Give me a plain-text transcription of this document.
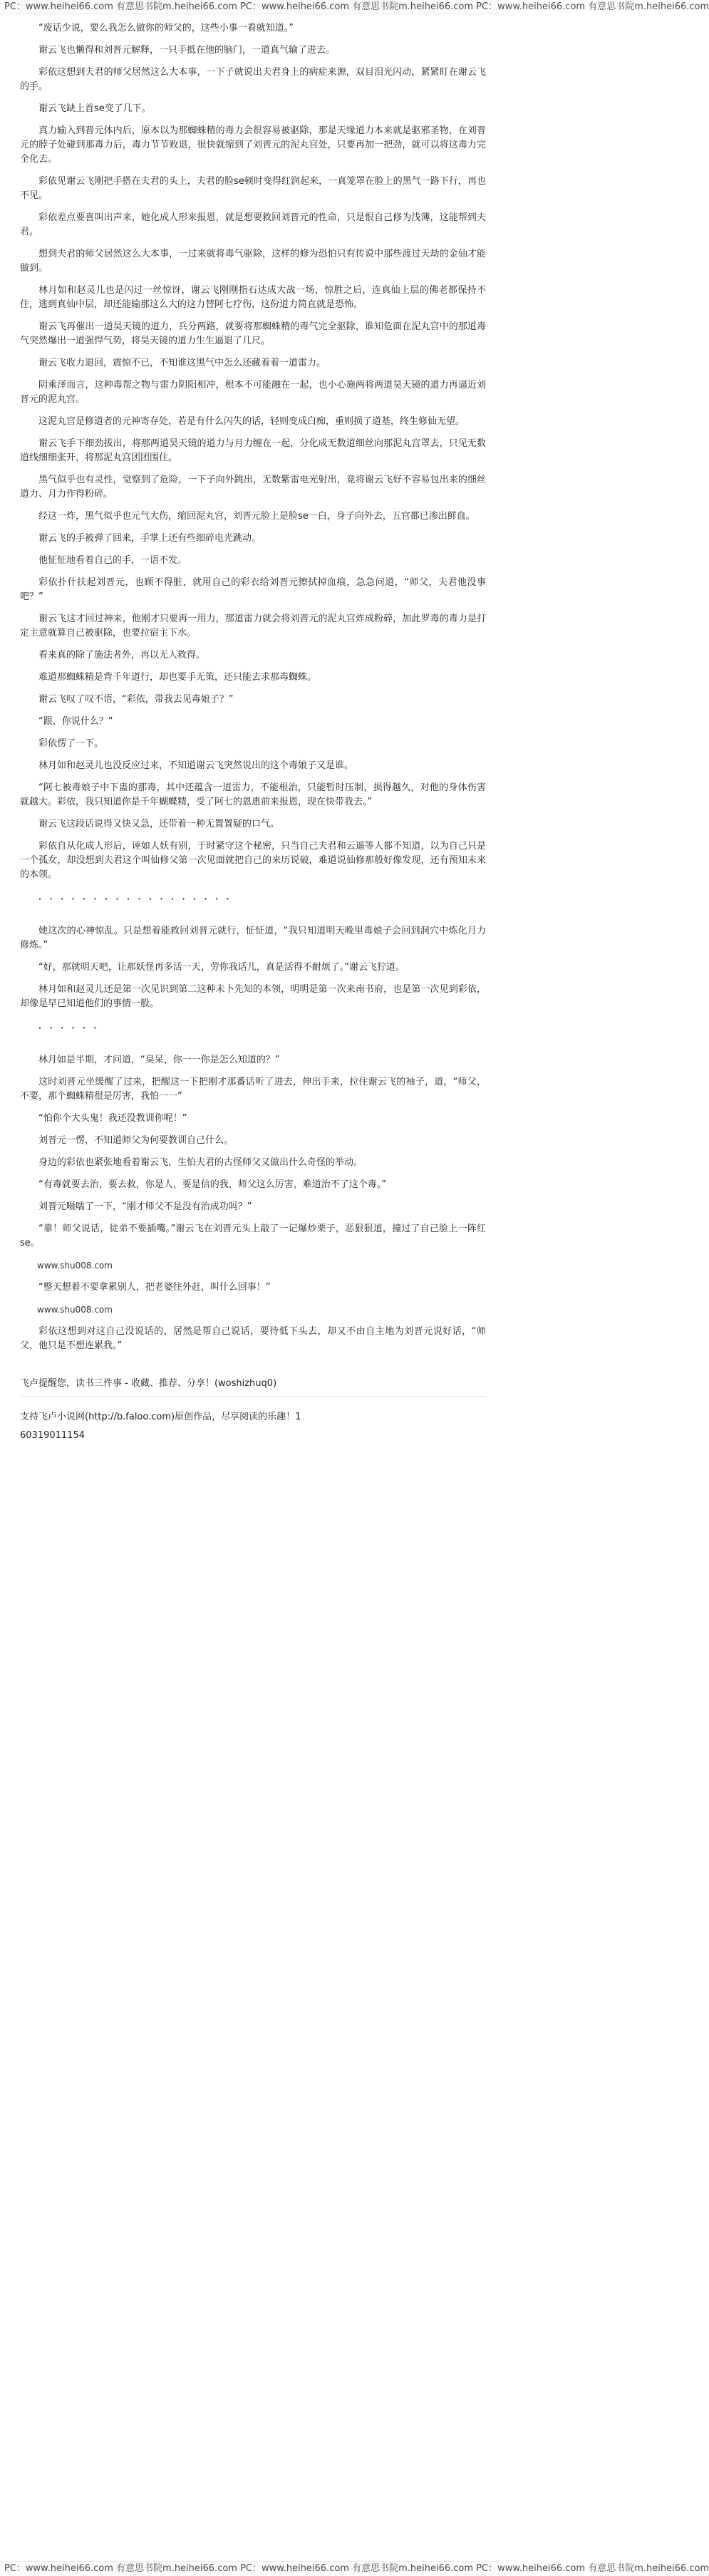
PC：www.heihei66.com 有意思书院m.heihei66.com PC：www.heihei66.com 有意思书院m.heihei66.com PC：www.heihei66.com 有意思书院m.heihei66.com

“废话少说，要么我怎么做你的师父的，这些小事一看就知道。”

谢云飞也懒得和刘晋元解释，一只手抵在他的脑门，一道真气输了进去。

彩依这想到夫君的师父居然这么大本事，一下子就说出夫君身上的病症来源，双目泪光闪动，紧紧盯在谢云飞的手。

谢云飞缺上首se变了几下。

真力输入到晋元体内后，原本以为那蜘蛛精的毒力会很容易被驱除，那是天缘道力本来就是驱邪圣物，在刘晋元的脖子处碰到那毒力后，毒力节节败退，很快就缩到了刘晋元的泥丸宫处，只要再加一把劲，就可以将这毒力完全化去。

彩依见谢云飞刚把手搭在夫君的头上，夫君的脸se顿时变得红润起来，一真笼罩在脸上的黑气一路下行，再也不见。

彩依差点要喜叫出声来，她化成人形来报恩，就是想要救回刘晋元的性命，只是恨自己修为浅薄，这能帮到夫君。

想到夫君的师父居然这么大本事，一过来就将毒气驱除，这样的修为恐怕只有传说中那些渡过天劫的金仙才能做到。

林月如和赵灵儿也是闪过一丝惊讶，谢云飞刚刚指石达成大战一场，惊胜之后，连真仙上层的佛老都保持不住，逃到真仙中层，却还能输那这么大的这力替阿七疗伤，这份道力简直就是恐怖。

谢云飞再催出一道昊天镜的道力，兵分两路，就要将那蜘蛛精的毒气完全驱除，谁知危面在泥丸宫中的那道毒气突然爆出一道强悍气势，将昊天镜的道力生生逼退了几尺。

谢云飞收力退回，震惊不已，不知谁这黑气中怎么还藏着着一道雷力。

阴乘泽而言，这种毒帮之物与雷力阴阳相冲，根本不可能融在一起，也小心施两将两道昊天镜的道力再逼近刘晋元的泥丸宫。

这泥丸宫是修道者的元神寄存处，若是有什么闪失的话，轻则变成白痴，重则损了道基，终生修仙无望。

谢云飞手下细劲拔出，将那两道昊天镜的道力与月力缠在一起，分化成无数道细丝向那泥丸宫罩去，只见无数道线细细张开，将那泥丸宫团团围住。

黑气似乎也有灵性，觉察到了危险，一下子向外跳出，无数紫雷电光射出，竟将谢云飞好不容易包出来的细丝道力、月力作得粉碎。

经这一炸，黑气似乎也元气大伤，缩回泥丸宫，刘晋元脸上是脸se一白，身子向外去，五官都已渗出鲜血。

谢云飞的手被弹了回来，手掌上还有些细碎电光跳动。

他怔怔地看着自己的手，一语不发。

彩依扑什扶起刘晋元，也顾不得脏，就用自己的彩衣给刘晋元擦拭掉血痕，急急问道，“师父，夫君他没事吧？”

谢云飞这才回过神来，他刚才只要再一用力，那道雷力就会将刘晋元的泥丸宫炸成粉碎，加此罗毒的毒力是打定主意就算自己被驱除，也要拉宿主下水。

看来真的除了施法者外，再以无人救得。

难道那蜘蛛精是背千年道行，却也要手无策，还只能去求那毒蜘蛛。

谢云飞叹了叹不语，“彩依，带我去见毒娘子？”

“跟，你说什么？”

彩依愣了一下。

林月如和赵灵儿也没反应过来，不知道谢云飞突然说出的这个毒娘子又是谁。

“阿七被毒娘子中下蛊的那毒，其中还蕴含一道雷力，不能根治，只能暂时压制，损得越久，对他的身体伤害就越大。彩依，我只知道你是千年蝴蝶精，受了阿七的恩惠前来报恩，现在快带我去。”

谢云飞这段话说得又快又急，还带着一种无置置疑的口气。

彩依自从化成人形后，诬如人妖有别，于时紧守这个秘密，只当自己夫君和云遥等人都不知道，以为自己只是一个孤女，却没想到夫君这个叫仙修父第一次见面就把自己的来历说破，难道说仙修那般好像发现，还有预知未来的本领。

．．．．．．．．．．．．．．．．．．

她这次的心神惊乱。只是想着能救回刘晋元就行，怔怔道，“我只知道明天晚里毒娘子会回到洞穴中炼化月力修炼。”

“好，那就明天吧，让那妖怪再多活一天，劳你我话儿，真是活得不耐烦了。”谢云飞狞道。

林月如和赵灵儿还是第一次见识到第二这种未卜先知的本领，明明是第一次来南书府，也是第一次见到彩依，却像是早已知道他们的事情一般。

．．．．．．

林月如是半期，才问道，“臭呆，你一一你是怎么知道的？”

这时刘晋元坐缓醒了过来，把醒这一下把刚才那番话听了进去，伸出手来，拉住谢云飞的袖子，道，“师父，不要，那个蜘蛛精很是厉害，我怕一一”

“怕你个大头鬼！我还没教训你呢！”

刘晋元一愣，不知道师父为何要教训自己什么。

身边的彩依也紧张地看着谢云飞，生怕夫君的古怪师父又做出什么奇怪的举动。

“有毒就要去治，要去救，你是人，要是信的我，师父这么厉害，难道治不了这个毒。”

刘晋元嗫嚅了一下，“刚才师父不是没有治成功吗？”

“靠！师父说话，徒弟不要插嘴。”谢云飞在刘晋元头上敲了一记爆炒栗子，恶狠狠道，撞过了自己脸上一阵红se。

www.shu008.com

“整天想着不要拿累别人，把老婆往外赶，叫什么回事！”

www.shu008.com

彩依这想到对这自己没说话的，居然是帮自己说话，要待低下头去，却又不由自主地为刘晋元说好话，“师父，他只是不想连累我。”

飞卢提醒您，读书三件事 - 收藏、推荐、分享！(woshizhuq0)
支持飞卢小说网(http://b.faloo.com)原创作品，尽享阅读的乐趣！1
60319011154
PC：www.heihei66.com 有意思书院m.heihei66.com PC：www.heihei66.com 有意思书院m.heihei66.com PC：www.heihei66.com 有意思书院m.heihei66.com
